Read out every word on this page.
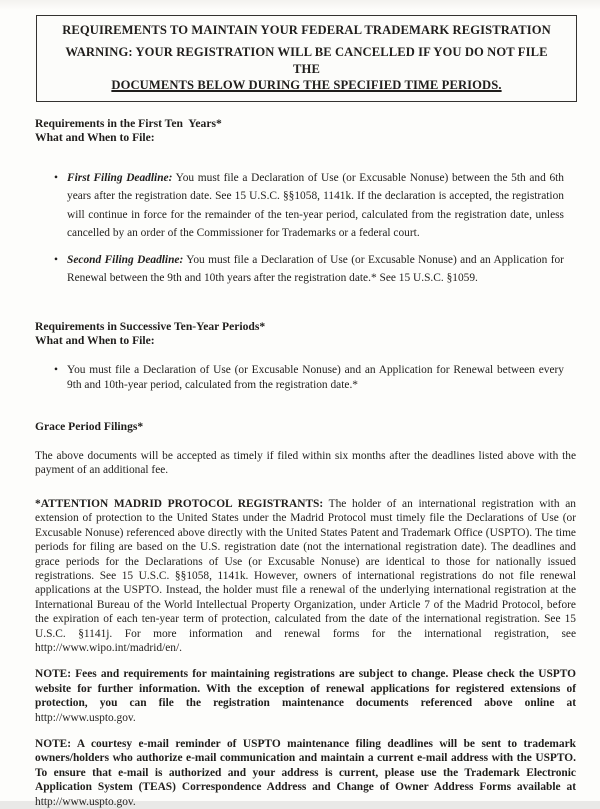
REQUIREMENTS TO MAINTAIN YOUR FEDERAL TRADEMARK REGISTRATION
WARNING: YOUR REGISTRATION WILL BE CANCELLED IF YOU DO NOT FILE THE
DOCUMENTS BELOW DURING THE SPECIFIED TIME PERIODS.
Requirements in the First Ten  Years*
What and When to File:
• First Filing Deadline: You must file a Declaration of Use (or Excusable Nonuse) between the 5th and 6th years after the registration date. See 15 U.S.C. §§1058, 1141k. If the declaration is accepted, the registration will continue in force for the remainder of the ten-year period, calculated from the registration date, unless cancelled by an order of the Commissioner for Trademarks or a federal court.
• Second Filing Deadline: You must file a Declaration of Use (or Excusable Nonuse) and an Application for Renewal between the 9th and 10th years after the registration date.* See 15 U.S.C. §1059.
Requirements in Successive Ten-Year Periods*
What and When to File:
• You must file a Declaration of Use (or Excusable Nonuse) and an Application for Renewal between every 9th and 10th-year period, calculated from the registration date.*
Grace Period Filings*

The above documents will be accepted as timely if filed within six months after the deadlines listed above with the payment of an additional fee.

*ATTENTION MADRID PROTOCOL REGISTRANTS: The holder of an international registration with an extension of protection to the United States under the Madrid Protocol must timely file the Declarations of Use (or Excusable Nonuse) referenced above directly with the United States Patent and Trademark Office (USPTO). The time periods for filing are based on the U.S. registration date (not the international registration date). The deadlines and grace periods for the Declarations of Use (or Excusable Nonuse) are identical to those for nationally issued registrations. See 15 U.S.C. §§1058, 1141k. However, owners of international registrations do not file renewal applications at the USPTO. Instead, the holder must file a renewal of the underlying international registration at the International Bureau of the World Intellectual Property Organization, under Article 7 of the Madrid Protocol, before the expiration of each ten-year term of protection, calculated from the date of the international registration. See 15 U.S.C. §1141j. For more information and renewal forms for the international registration, see http://www.wipo.int/madrid/en/.

NOTE: Fees and requirements for maintaining registrations are subject to change. Please check the USPTO website for further information. With the exception of renewal applications for registered extensions of protection, you can file the registration maintenance documents referenced above online at http://www.uspto.gov.

NOTE: A courtesy e-mail reminder of USPTO maintenance filing deadlines will be sent to trademark owners/holders who authorize e-mail communication and maintain a current e-mail address with the USPTO. To ensure that e-mail is authorized and your address is current, please use the Trademark Electronic Application System (TEAS) Correspondence Address and Change of Owner Address Forms available at http://www.uspto.gov.
